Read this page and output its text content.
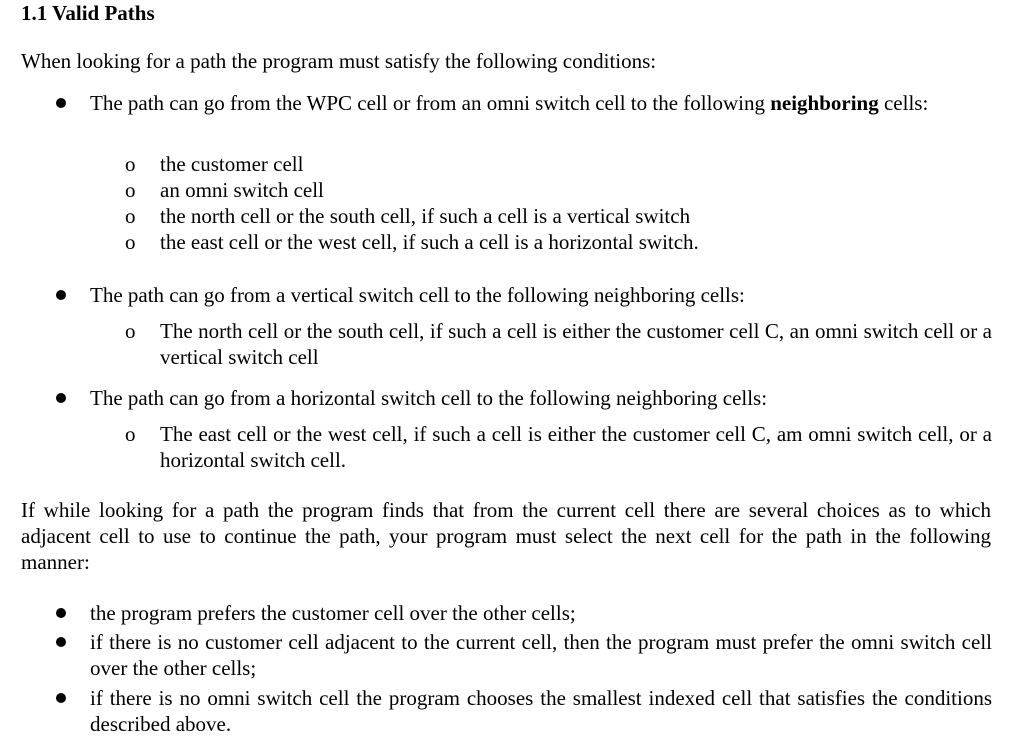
1.1 Valid Paths
When looking for a path the program must satisfy the following conditions:
The path can go from the WPC cell or from an omni switch cell to the following neighboring cells:
o the customer cell
o an omni switch cell
o the north cell or the south cell, if such a cell is a vertical switch
o the east cell or the west cell, if such a cell is a horizontal switch.
The path can go from a vertical switch cell to the following neighboring cells:
o The north cell or the south cell, if such a cell is either the customer cell C, an omni switch cell or a vertical switch cell
The path can go from a horizontal switch cell to the following neighboring cells:
o The east cell or the west cell, if such a cell is either the customer cell C, am omni switch cell, or a horizontal switch cell.
If while looking for a path the program finds that from the current cell there are several choices as to which adjacent cell to use to continue the path, your program must select the next cell for the path in the following manner:
the program prefers the customer cell over the other cells;
if there is no customer cell adjacent to the current cell, then the program must prefer the omni switch cell over the other cells;
if there is no omni switch cell the program chooses the smallest indexed cell that satisfies the conditions described above.
